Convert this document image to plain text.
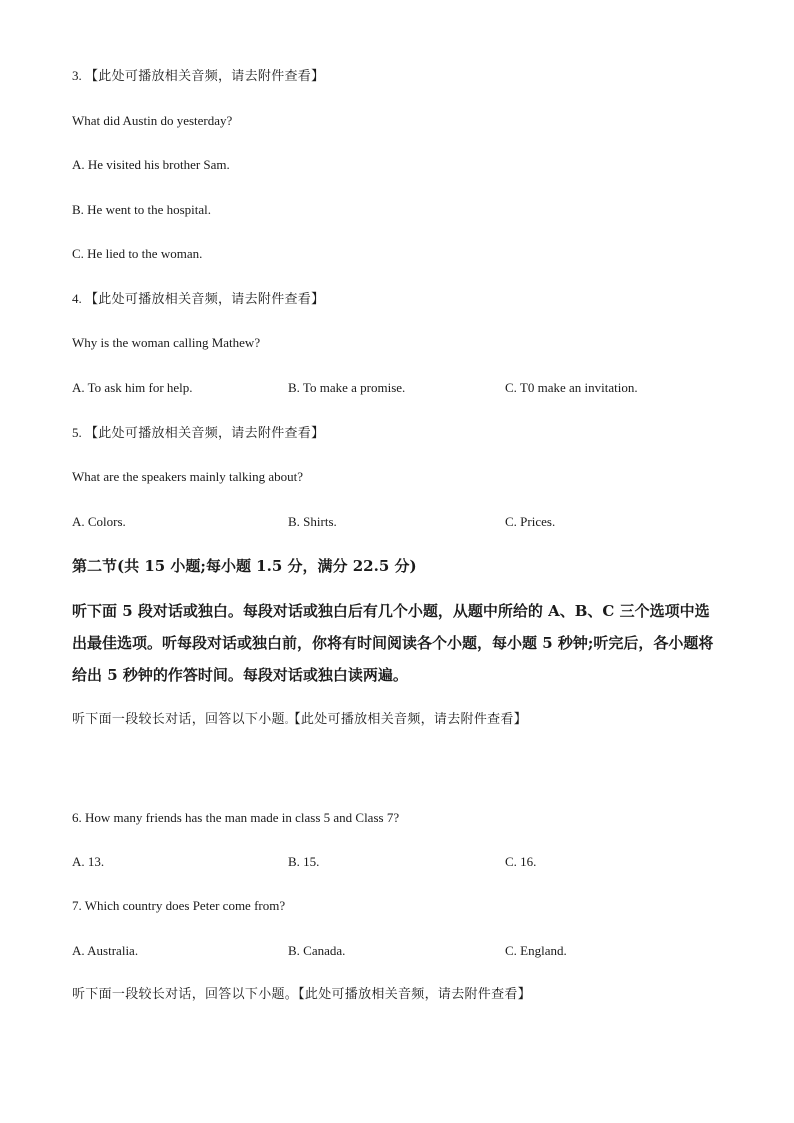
3. 【此处可播放相关音频，请去附件查看】
What did Austin do yesterday?
A. He visited his brother Sam.
B. He went to the hospital.
C. He lied to the woman.
4. 【此处可播放相关音频，请去附件查看】
Why is the woman calling Mathew?
A. To ask him for help.	B. To make a promise.	C. T0 make an invitation.
5. 【此处可播放相关音频，请去附件查看】
What are the speakers mainly talking about?
A. Colors.	B. Shirts.	C. Prices.
第二节(共 15 小题;每小题 1.5 分，满分 22.5 分)
听下面 5 段对话或独白。每段对话或独白后有几个小题，从题中所给的 A、B、C 三个选项中选出最佳选项。听每段对话或独白前，你将有时间阅读各个小题，每小题 5 秒钟;听完后，各小题将给出 5 秒钟的作答时间。每段对话或独白读两遍。
听下面一段较长对话，回答以下小题。【此处可播放相关音频，请去附件查看】
6. How many friends has the man made in class 5 and Class 7?
A. 13.	B. 15.	C. 16.
7. Which country does Peter come from?
A. Australia.	B. Canada.	C. England.
听下面一段较长对话，回答以下小题。【此处可播放相关音频，请去附件查看】
